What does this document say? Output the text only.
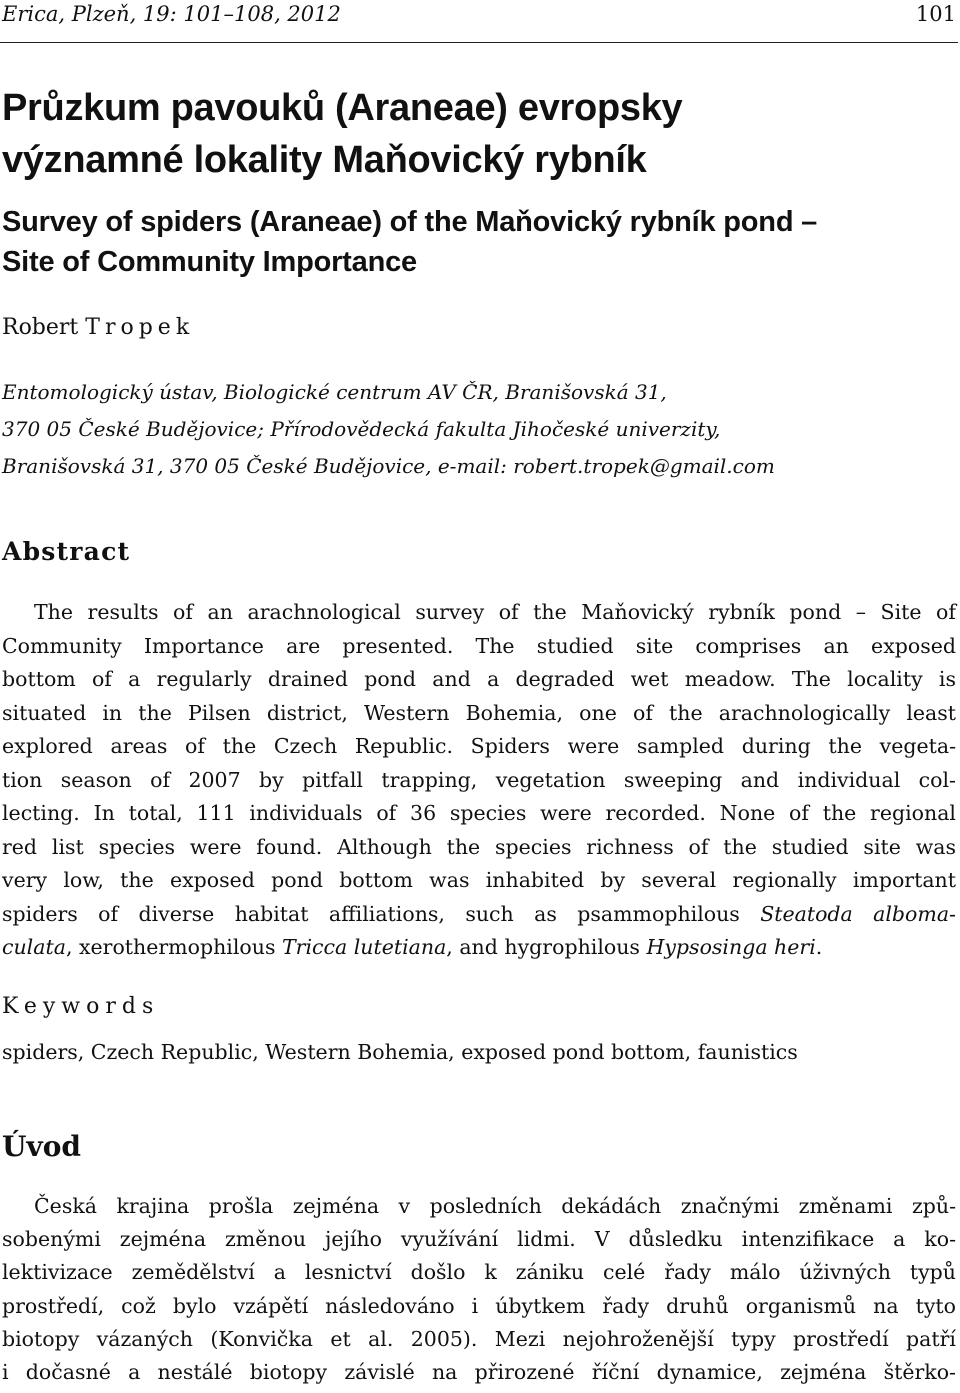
Erica, Plzeň, 19: 101–108, 2012	101
Průzkum pavouků (Araneae) evropsky
významné lokality Maňovický rybník
Survey of spiders (Araneae) of the Maňovický rybník pond –
Site of Community Importance
Robert Tropek
Entomologický ústav, Biologické centrum AV ČR, Branišovská 31,
370 05 České Budějovice; Přírodovědecká fakulta Jihočeské univerzity,
Branišovská 31, 370 05 České Budějovice, e-mail: robert.tropek@gmail.com
Abstract
The results of an arachnological survey of the Maňovický rybník pond – Site of
Community Importance are presented. The studied site comprises an exposed
bottom of a regularly drained pond and a degraded wet meadow. The locality is
situated in the Pilsen district, Western Bohemia, one of the arachnologically least
explored areas of the Czech Republic. Spiders were sampled during the vegeta-
tion season of 2007 by pitfall trapping, vegetation sweeping and individual col-
lecting. In total, 111 individuals of 36 species were recorded. None of the regional
red list species were found. Although the species richness of the studied site was
very low, the exposed pond bottom was inhabited by several regionally important
spiders of diverse habitat affiliations, such as psammophilous Steatoda alboma-
culata, xerothermophilous Tricca lutetiana, and hygrophilous Hypsosinga heri.
Keywords
spiders, Czech Republic, Western Bohemia, exposed pond bottom, faunistics
Úvod
Česká krajina prošla zejména v posledních dekádách značnými změnami způ-
sobenými zejména změnou jejího využívání lidmi. V důsledku intenzifikace a ko-
lektivizace zemědělství a lesnictví došlo k zániku celé řady málo úživných typů
prostředí, což bylo vzápětí následováno i úbytkem řady druhů organismů na tyto
biotopy vázaných (Konvička et al. 2005). Mezi nejohroženější typy prostředí patří
i dočasné a nestálé biotopy závislé na přirozené říční dynamice, zejména štěrko-
